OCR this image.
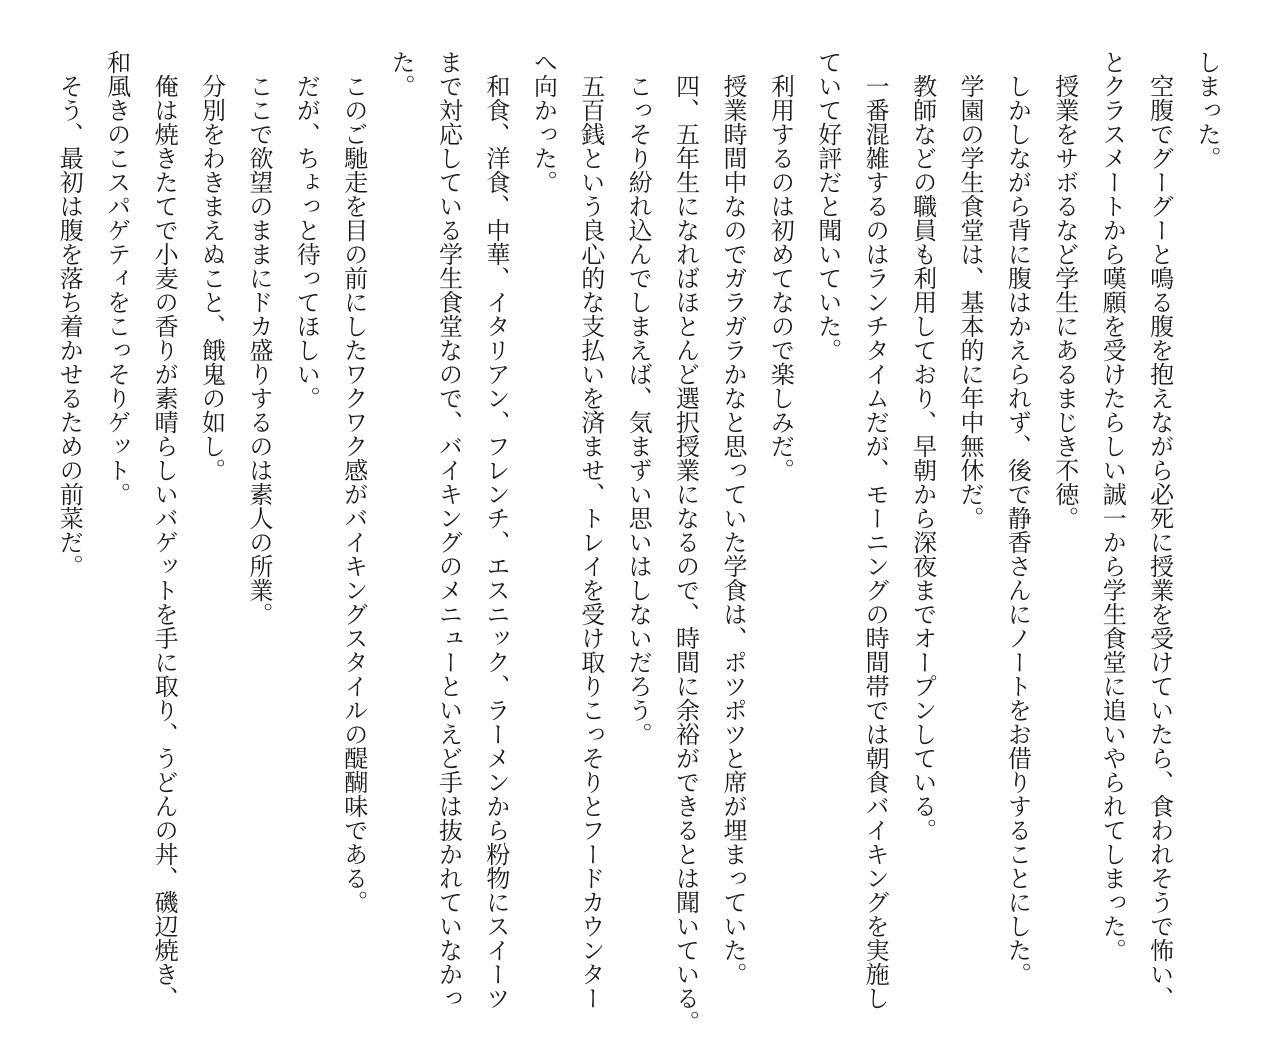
しまった。
空腹でグーグーと鳴る腹を抱えながら必死に授業を受けていたら、食われそうで怖い、
とクラスメートから嘆願を受けたらしい誠一から学生食堂に追いやられてしまった。
授業をサボるなど学生にあるまじき不徳。
しかしながら背に腹はかえられず、後で静香さんにノートをお借りすることにした。
学園の学生食堂は、基本的に年中無休だ。
教師などの職員も利用しており、早朝から深夜までオープンしている。
一番混雑するのはランチタイムだが、モーニングの時間帯では朝食バイキングを実施し
ていて好評だと聞いていた。
利用するのは初めてなので楽しみだ。
授業時間中なのでガラガラかなと思っていた学食は、ポツポツと席が埋まっていた。
四、五年生になればほとんど選択授業になるので、時間に余裕ができるとは聞いている。
こっそり紛れ込んでしまえば、気まずい思いはしないだろう。
五百銭という良心的な支払いを済ませ、トレイを受け取りこっそりとフードカウンター
へ向かった。
和食、洋食、中華、イタリアン、フレンチ、エスニック、ラーメンから粉物にスイーツ
まで対応している学生食堂なので、バイキングのメニューといえど手は抜かれていなかっ
た。
このご馳走を目の前にしたワクワク感がバイキングスタイルの醍醐味である。
だが、ちょっと待ってほしい。
ここで欲望のままにドカ盛りするのは素人の所業。
分別をわきまえぬこと、餓鬼の如し。
俺は焼きたてで小麦の香りが素晴らしいバゲットを手に取り、うどんの丼、磯辺焼き、
和風きのこスパゲティをこっそりゲット。
そう、最初は腹を落ち着かせるための前菜だ。
